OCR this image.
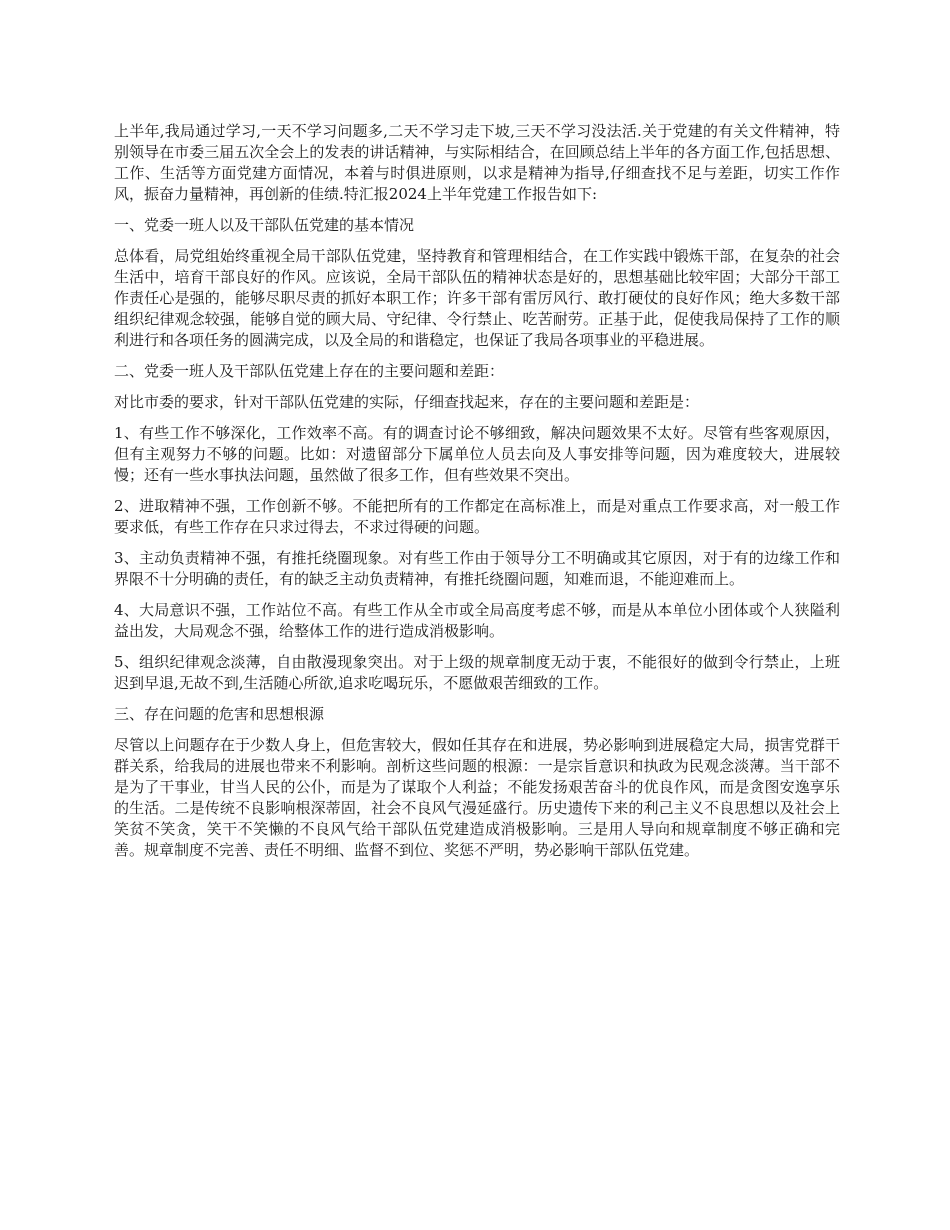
上半年,我局通过学习,一天不学习问题多,二天不学习走下坡,三天不学习没法活.关于党建的有关文件精神，特别领导在市委三届五次全会上的发表的讲话精神，与实际相结合，在回顾总结上半年的各方面工作,包括思想、工作、生活等方面党建方面情况，本着与时俱进原则，以求是精神为指导,仔细查找不足与差距，切实工作作风，振奋力量精神，再创新的佳绩.特汇报2024上半年党建工作报告如下:

一、党委一班人以及干部队伍党建的基本情况

总体看，局党组始终重视全局干部队伍党建，坚持教育和管理相结合，在工作实践中锻炼干部，在复杂的社会生活中，培育干部良好的作风。应该说，全局干部队伍的精神状态是好的，思想基础比较牢固；大部分干部工作责任心是强的，能够尽职尽责的抓好本职工作；许多干部有雷厉风行、敢打硬仗的良好作风；绝大多数干部组织纪律观念较强，能够自觉的顾大局、守纪律、令行禁止、吃苦耐劳。正基于此，促使我局保持了工作的顺利进行和各项任务的圆满完成，以及全局的和谐稳定，也保证了我局各项事业的平稳进展。

二、党委一班人及干部队伍党建上存在的主要问题和差距：

对比市委的要求，针对干部队伍党建的实际，仔细查找起来，存在的主要问题和差距是：

1、有些工作不够深化，工作效率不高。有的调查讨论不够细致，解决问题效果不太好。尽管有些客观原因，但有主观努力不够的问题。比如：对遗留部分下属单位人员去向及人事安排等问题，因为难度较大，进展较慢；还有一些水事执法问题，虽然做了很多工作，但有些效果不突出。

2、进取精神不强，工作创新不够。不能把所有的工作都定在高标准上，而是对重点工作要求高，对一般工作要求低，有些工作存在只求过得去，不求过得硬的问题。

3、主动负责精神不强，有推托绕圈现象。对有些工作由于领导分工不明确或其它原因，对于有的边缘工作和界限不十分明确的责任，有的缺乏主动负责精神，有推托绕圈问题，知难而退，不能迎难而上。

4、大局意识不强，工作站位不高。有些工作从全市或全局高度考虑不够，而是从本单位小团体或个人狭隘利益出发，大局观念不强，给整体工作的进行造成消极影响。

5、组织纪律观念淡薄，自由散漫现象突出。对于上级的规章制度无动于衷，不能很好的做到令行禁止，上班迟到早退,无故不到,生活随心所欲,追求吃喝玩乐，不愿做艰苦细致的工作。

三、存在问题的危害和思想根源

尽管以上问题存在于少数人身上，但危害较大，假如任其存在和进展，势必影响到进展稳定大局，损害党群干群关系，给我局的进展也带来不利影响。剖析这些问题的根源：一是宗旨意识和执政为民观念淡薄。当干部不是为了干事业，甘当人民的公仆，而是为了谋取个人利益；不能发扬艰苦奋斗的优良作风，而是贪图安逸享乐的生活。二是传统不良影响根深蒂固，社会不良风气漫延盛行。历史遗传下来的利己主义不良思想以及社会上笑贫不笑贪，笑干不笑懒的不良风气给干部队伍党建造成消极影响。三是用人导向和规章制度不够正确和完善。规章制度不完善、责任不明细、监督不到位、奖惩不严明，势必影响干部队伍党建。
